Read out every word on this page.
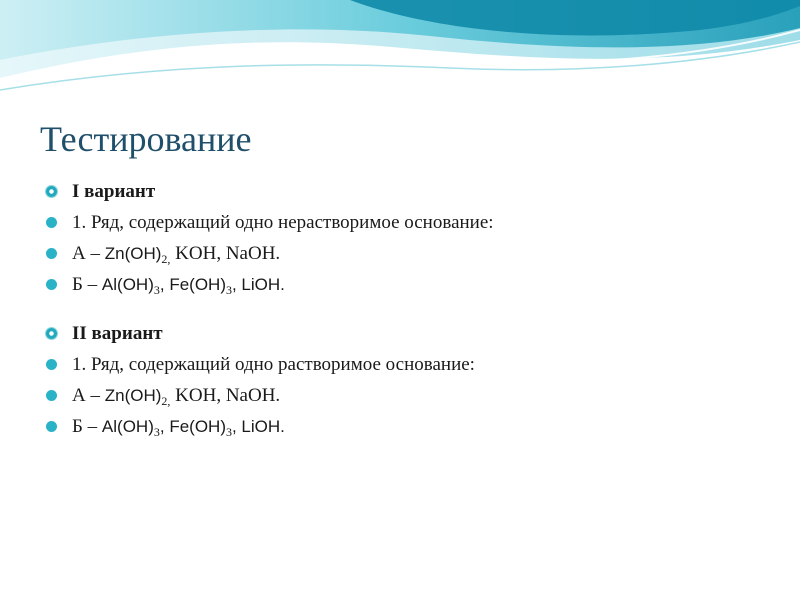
Тестирование
I вариант
1. Ряд, содержащий одно нерастворимое основание:
А – $Zn(OH)_{2,}$ KOH, NaOH.
Б – $Al(OH)_3$, $Fe(OH)_3$, LiOH.
II вариант
1. Ряд, содержащий одно растворимое основание:
А – $Zn(OH)_{2,}$ KOH, NaOH.
Б – $Al(OH)_3$, $Fe(OH)_3$, LiOH.
